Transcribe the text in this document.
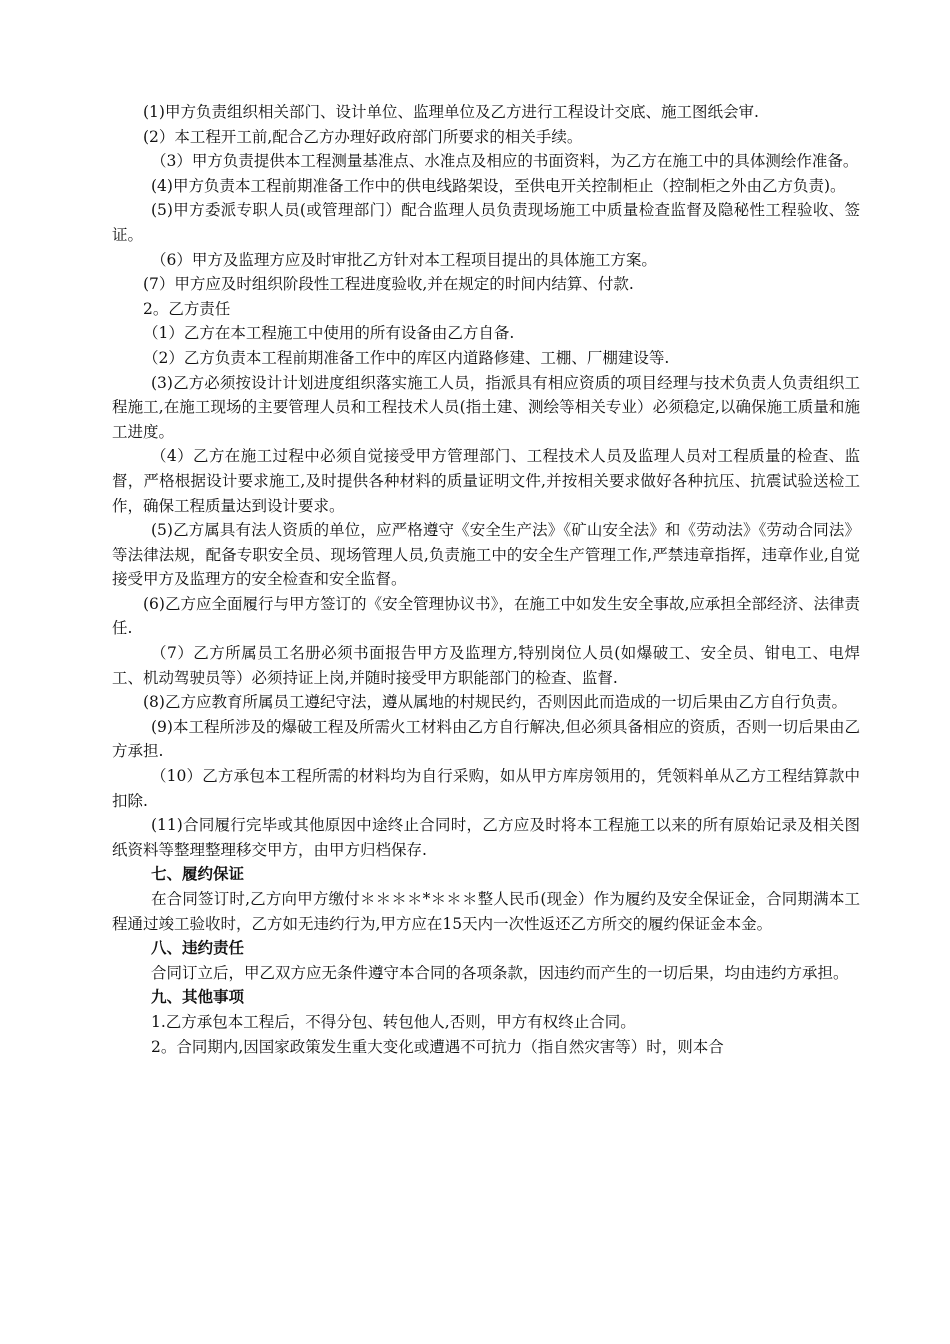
(1)甲方负责组织相关部门、设计单位、监理单位及乙方进行工程设计交底、施工图纸会审.

(2）本工程开工前,配合乙方办理好政府部门所要求的相关手续。

（3）甲方负责提供本工程测量基准点、水准点及相应的书面资料，为乙方在施工中的具体测绘作准备。

(4)甲方负责本工程前期准备工作中的供电线路架设，至供电开关控制柜止（控制柜之外由乙方负责)。

(5)甲方委派专职人员(或管理部门）配合监理人员负责现场施工中质量检查监督及隐秘性工程验收、签证。

（6）甲方及监理方应及时审批乙方针对本工程项目提出的具体施工方案。

(7）甲方应及时组织阶段性工程进度验收,并在规定的时间内结算、付款.

2。乙方责任

（1）乙方在本工程施工中使用的所有设备由乙方自备.

（2）乙方负责本工程前期准备工作中的库区内道路修建、工棚、厂棚建设等.

(3)乙方必须按设计计划进度组织落实施工人员，指派具有相应资质的项目经理与技术负责人负责组织工程施工,在施工现场的主要管理人员和工程技术人员(指土建、测绘等相关专业）必须稳定,以确保施工质量和施工进度。

（4）乙方在施工过程中必须自觉接受甲方管理部门、工程技术人员及监理人员对工程质量的检查、监督，严格根据设计要求施工,及时提供各种材料的质量证明文件,并按相关要求做好各种抗压、抗震试验送检工作，确保工程质量达到设计要求。

(5)乙方属具有法人资质的单位，应严格遵守《安全生产法》《矿山安全法》和《劳动法》《劳动合同法》等法律法规，配备专职安全员、现场管理人员,负责施工中的安全生产管理工作,严禁违章指挥，违章作业,自觉接受甲方及监理方的安全检查和安全监督。

(6)乙方应全面履行与甲方签订的《安全管理协议书》，在施工中如发生安全事故,应承担全部经济、法律责任.

（7）乙方所属员工名册必须书面报告甲方及监理方,特别岗位人员(如爆破工、安全员、钳电工、电焊工、机动驾驶员等）必须持证上岗,并随时接受甲方职能部门的检查、监督.

(8)乙方应教育所属员工遵纪守法，遵从属地的村规民约，否则因此而造成的一切后果由乙方自行负责。

(9)本工程所涉及的爆破工程及所需火工材料由乙方自行解决,但必须具备相应的资质，否则一切后果由乙方承担.

（10）乙方承包本工程所需的材料均为自行采购，如从甲方库房领用的，凭领料单从乙方工程结算款中扣除.

(11)合同履行完毕或其他原因中途终止合同时，乙方应及时将本工程施工以来的所有原始记录及相关图纸资料等整理整理移交甲方，由甲方归档保存.

七、履约保证

在合同签订时,乙方向甲方缴付＊＊＊＊*＊＊＊整人民币(现金）作为履约及安全保证金，合同期满本工程通过竣工验收时，乙方如无违约行为,甲方应在15天内一次性返还乙方所交的履约保证金本金。

八、违约责任

合同订立后，甲乙双方应无条件遵守本合同的各项条款，因违约而产生的一切后果，均由违约方承担。

九、其他事项

1.乙方承包本工程后，不得分包、转包他人,否则，甲方有权终止合同。

2。合同期内,因国家政策发生重大变化或遭遇不可抗力（指自然灾害等）时，则本合
